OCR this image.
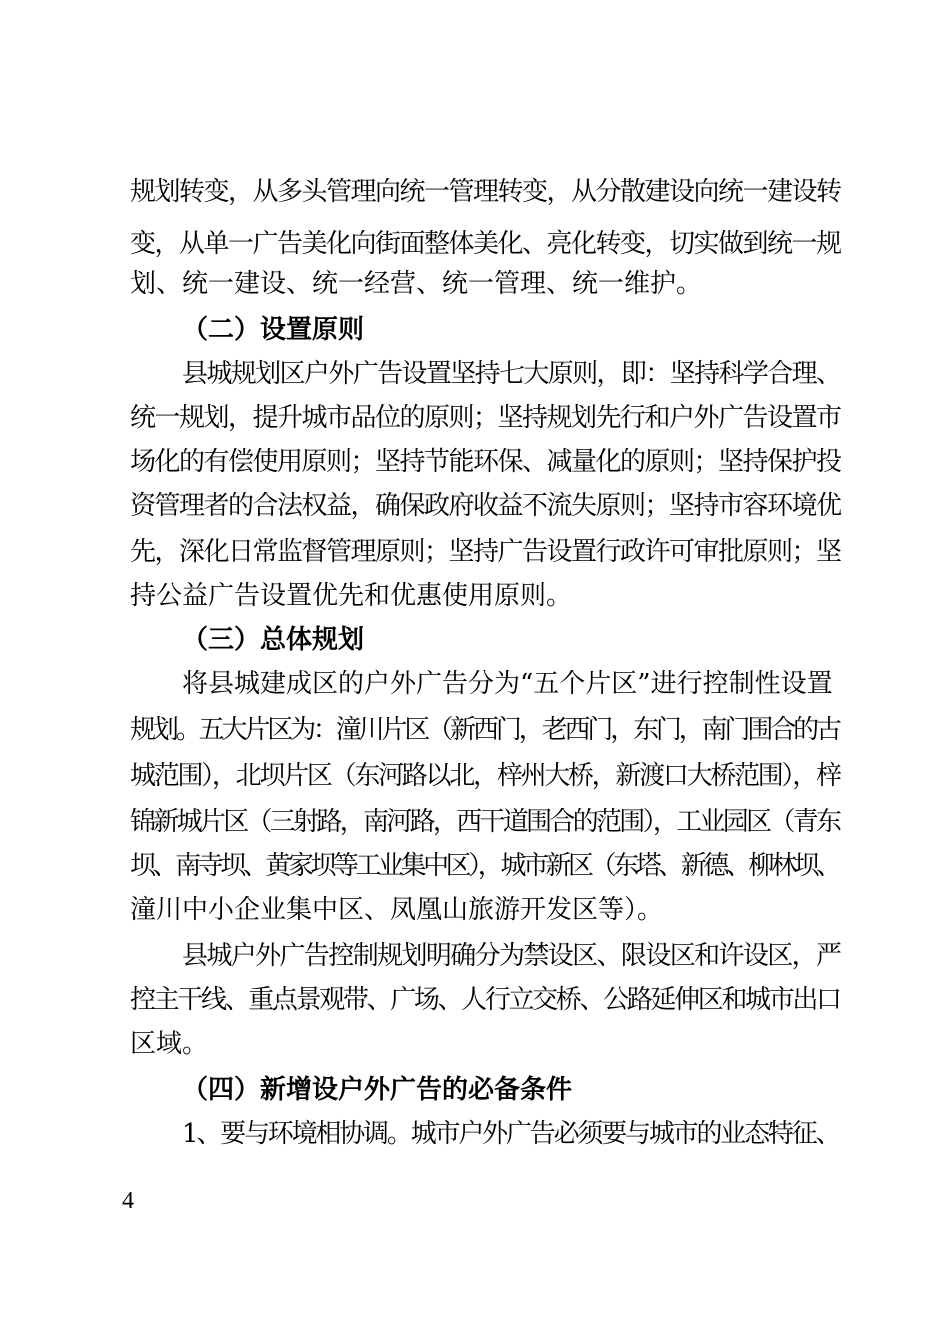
规划转变，从多头管理向统一管理转变，从分散建设向统一建设转
变，从单一广告美化向街面整体美化、亮化转变，切实做到统一规
划、统一建设、统一经营、统一管理、统一维护。
（二）设置原则
县城规划区户外广告设置坚持七大原则，即：坚持科学合理、
统一规划，提升城市品位的原则；坚持规划先行和户外广告设置市
场化的有偿使用原则；坚持节能环保、减量化的原则；坚持保护投
资管理者的合法权益，确保政府收益不流失原则；坚持市容环境优
先，深化日常监督管理原则；坚持广告设置行政许可审批原则；坚
持公益广告设置优先和优惠使用原则。
（三）总体规划
将县城建成区的户外广告分为“五个片区”进行控制性设置
规划。五大片区为：潼川片区（新西门，老西门，东门，南门围合的古
城范围），北坝片区（东河路以北，梓州大桥，新渡口大桥范围），梓
锦新城片区（三射路，南河路，西干道围合的范围），工业园区（青东
坝、南寺坝、黄家坝等工业集中区），城市新区（东塔、新德、柳林坝、
潼川中小企业集中区、凤凰山旅游开发区等）。
县城户外广告控制规划明确分为禁设区、限设区和许设区，严
控主干线、重点景观带、广场、人行立交桥、公路延伸区和城市出口
区域。
（四）新增设户外广告的必备条件
1、要与环境相协调。城市户外广告必须要与城市的业态特征、
4
